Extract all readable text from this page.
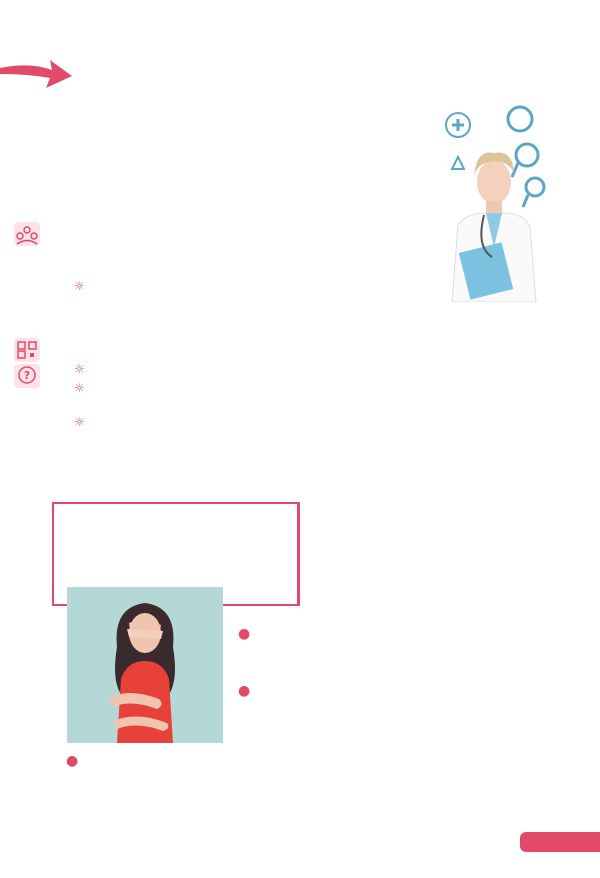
☼
?	☼
☼
☼
●
●
●
